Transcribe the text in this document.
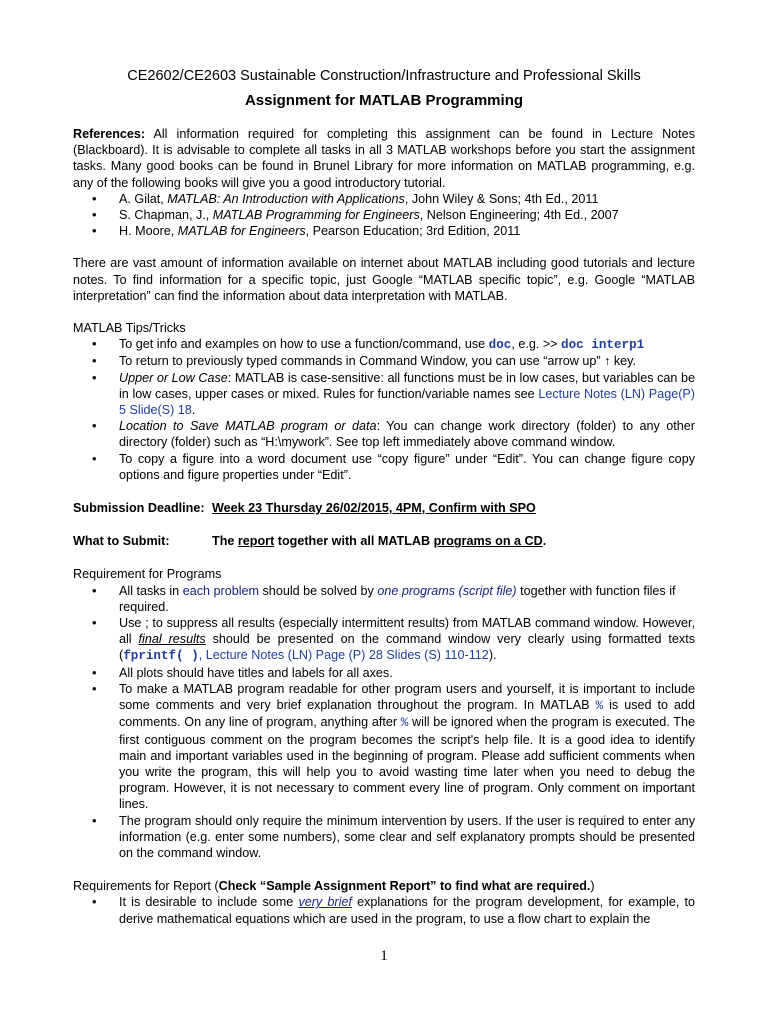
CE2602/CE2603 Sustainable Construction/Infrastructure and Professional Skills
Assignment for MATLAB Programming

References: All information required for completing this assignment can be found in Lecture Notes (Blackboard). It is advisable to complete all tasks in all 3 MATLAB workshops before you start the assignment tasks. Many good books can be found in Brunel Library for more information on MATLAB programming, e.g. any of the following books will give you a good introductory tutorial.

• A. Gilat, MATLAB: An Introduction with Applications, John Wiley & Sons; 4th Ed., 2011
• S. Chapman, J., MATLAB Programming for Engineers, Nelson Engineering; 4th Ed., 2007
• H. Moore, MATLAB for Engineers, Pearson Education; 3rd Edition, 2011

There are vast amount of information available on internet about MATLAB including good tutorials and lecture notes. To find information for a specific topic, just Google “MATLAB specific topic”, e.g. Google “MATLAB interpretation” can find the information about data interpretation with MATLAB.

MATLAB Tips/Tricks

• To get info and examples on how to use a function/command, use doc, e.g. >> doc interp1
• To return to previously typed commands in Command Window, you can use “arrow up” ↑ key.
• Upper or Low Case: MATLAB is case-sensitive: all functions must be in low cases, but variables can be in low cases, upper cases or mixed. Rules for function/variable names see Lecture Notes (LN) Page(P) 5 Slide(S) 18.
• Location to Save MATLAB program or data: You can change work directory (folder) to any other directory (folder) such as “H:\mywork”. See top left immediately above command window.
• To copy a figure into a word document use “copy figure” under “Edit”. You can change figure copy options and figure properties under “Edit”.
Submission Deadline: Week 23 Thursday 26/02/2015, 4PM, Confirm with SPO
What to Submit:	The report together with all MATLAB programs on a CD.

Requirement for Programs

• All tasks in each problem should be solved by one programs (script file) together with function files if required.
• Use ; to suppress all results (especially intermittent results) from MATLAB command window. However, all final results should be presented on the command window very clearly using formatted texts (fprintf( ), Lecture Notes (LN) Page (P) 28 Slides (S) 110-112).
• All plots should have titles and labels for all axes.
• To make a MATLAB program readable for other program users and yourself, it is important to include some comments and very brief explanation throughout the program. In MATLAB % is used to add comments. On any line of program, anything after % will be ignored when the program is executed. The first contiguous comment on the program becomes the script's help file. It is a good idea to identify main and important variables used in the beginning of program. Please add sufficient comments when you write the program, this will help you to avoid wasting time later when you need to debug the program. However, it is not necessary to comment every line of program. Only comment on important lines.
• The program should only require the minimum intervention by users. If the user is required to enter any information (e.g. enter some numbers), some clear and self explanatory prompts should be presented on the command window.

Requirements for Report (Check “Sample Assignment Report” to find what are required.)

• It is desirable to include some very brief explanations for the program development, for example, to derive mathematical equations which are used in the program, to use a flow chart to explain the
1
